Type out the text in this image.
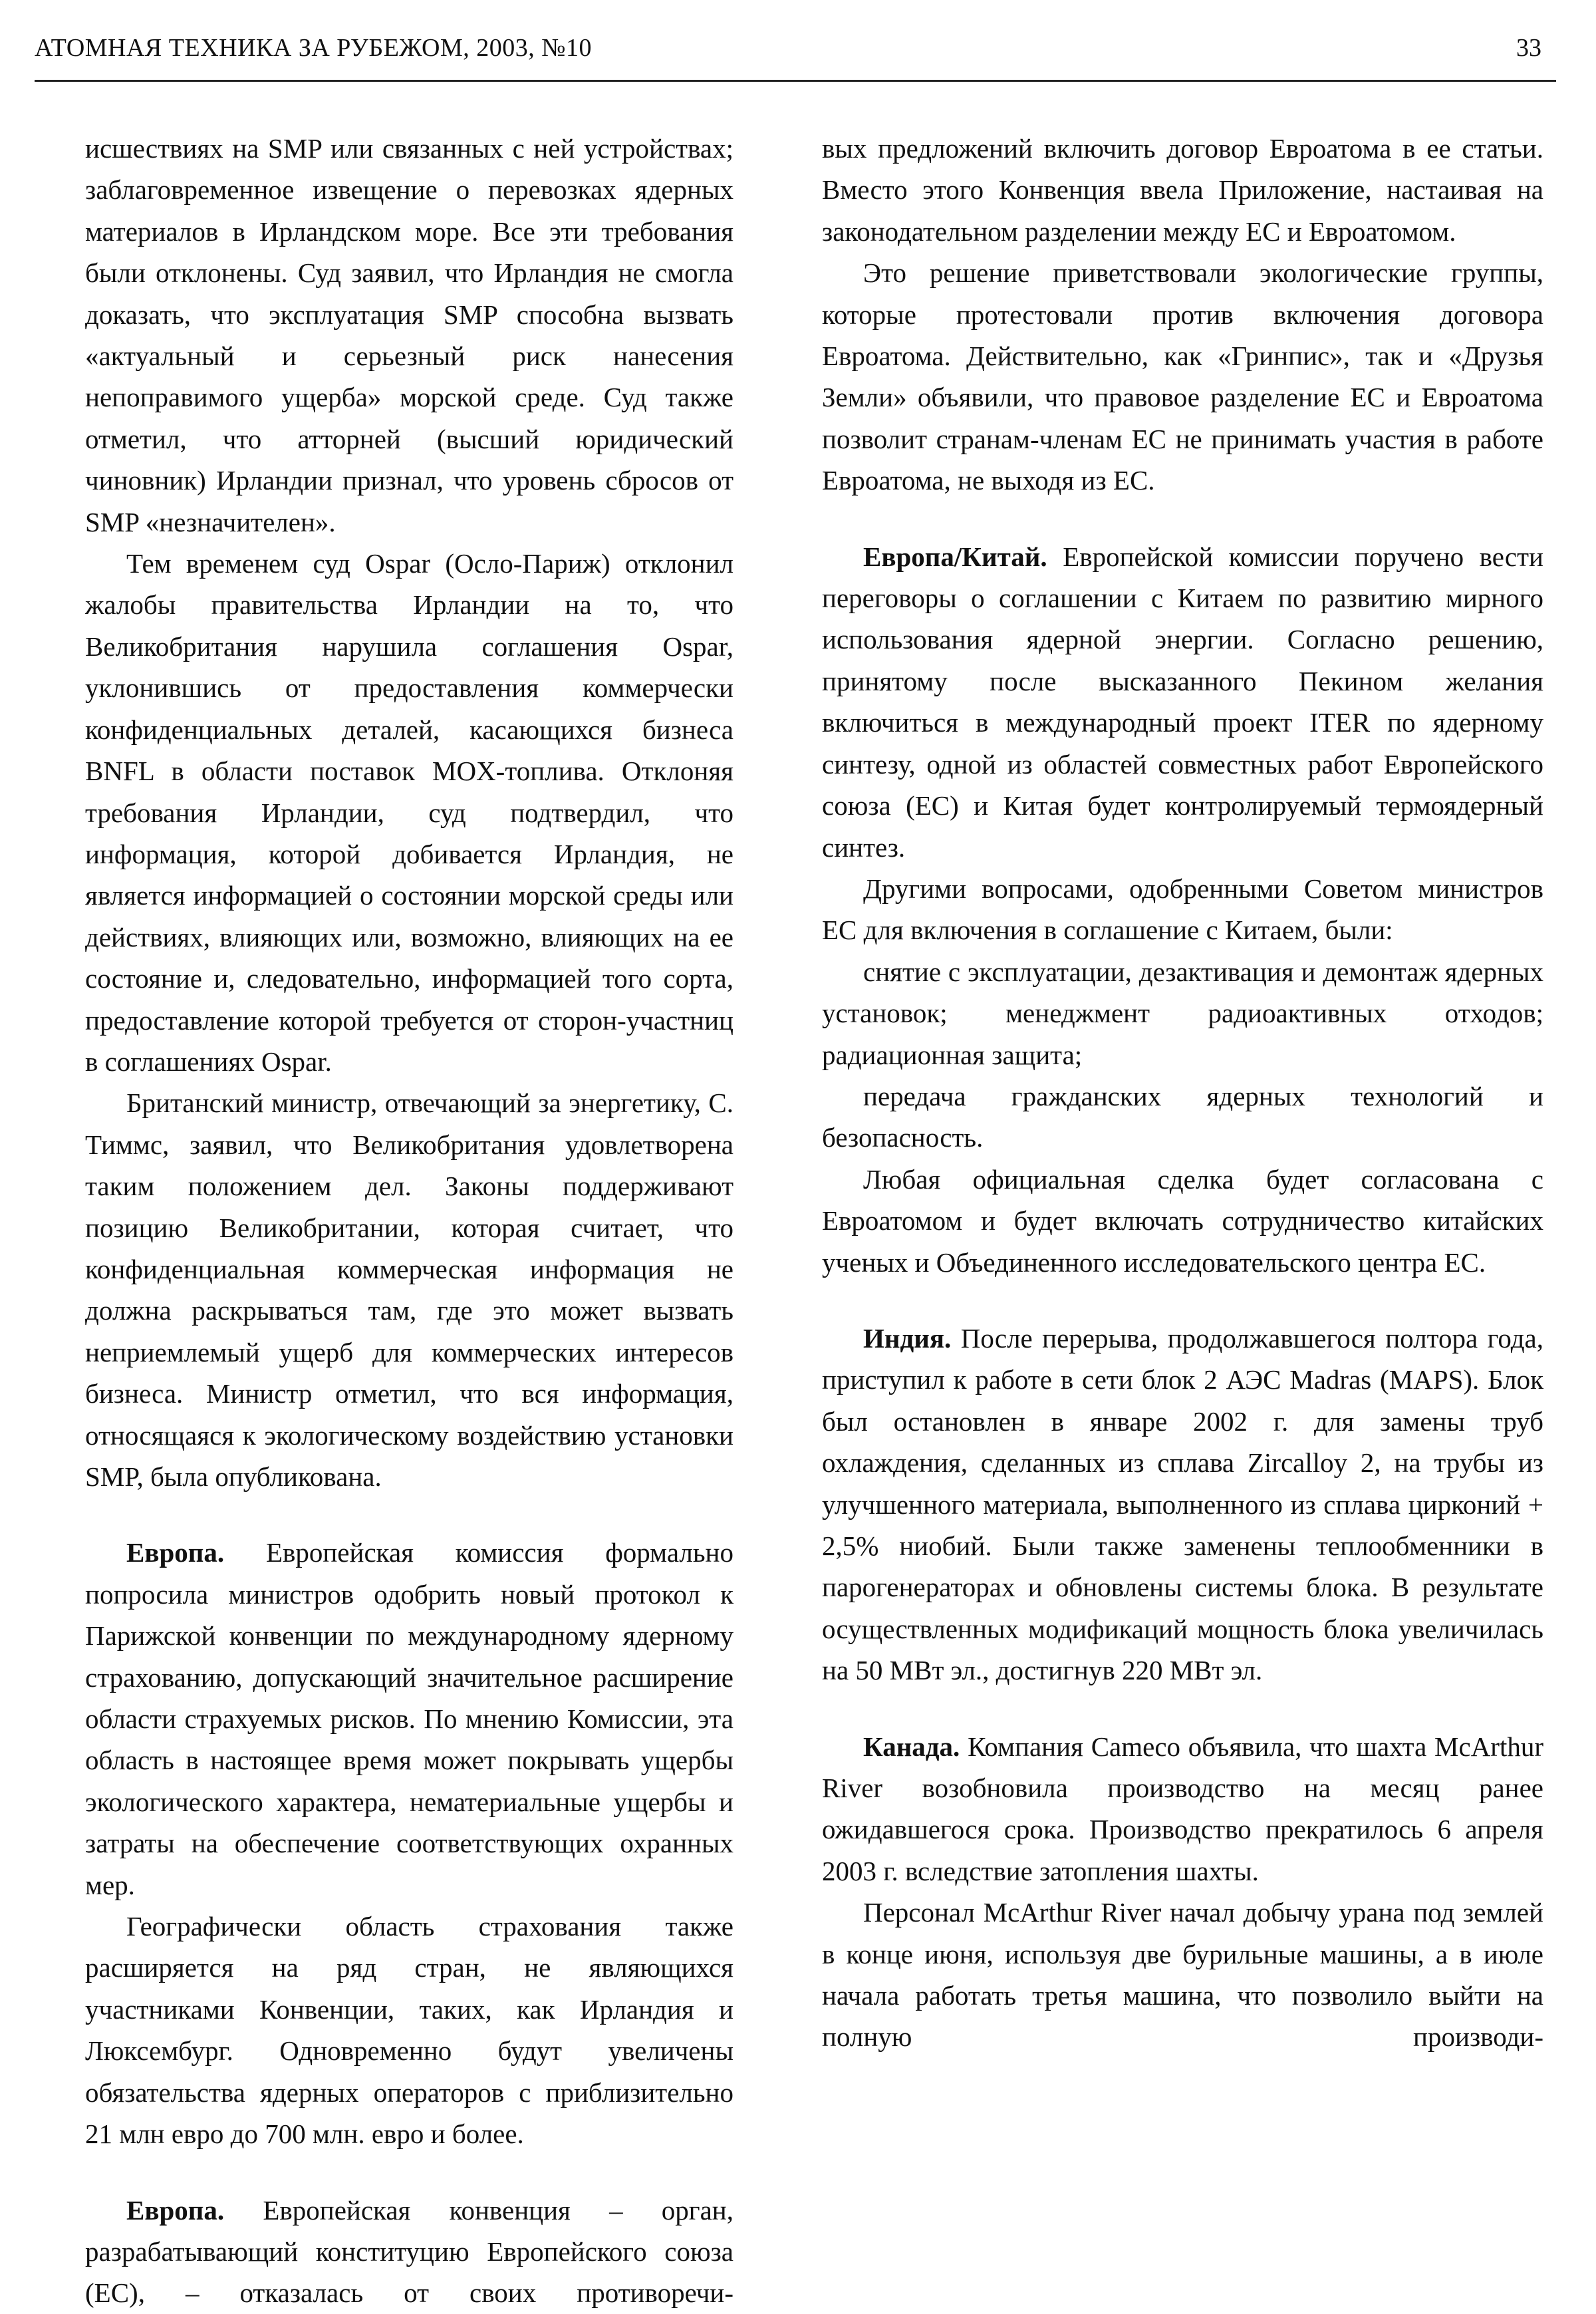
АТОМНАЯ ТЕХНИКА ЗА РУБЕЖОМ, 2003, №10	33

исшествиях на SMP или связанных с ней устройствах; заблаговременное извещение о перевозках ядерных материалов в Ирландском море. Все эти требования были отклонены. Суд заявил, что Ирландия не смогла доказать, что эксплуатация SMP способна вызвать «актуальный и серьезный риск нанесения непоправимого ущерба» морской среде. Суд также отметил, что атторней (высший юридический чиновник) Ирландии признал, что уровень сбросов от SMP «незначителен».

Тем временем суд Ospar (Осло-Париж) отклонил жалобы правительства Ирландии на то, что Великобритания нарушила соглашения Ospar, уклонившись от предоставления коммерчески конфиденциальных деталей, касающихся бизнеса BNFL в области поставок MOX-топлива. Отклоняя требования Ирландии, суд подтвердил, что информация, которой добивается Ирландия, не является информацией о состоянии морской среды или действиях, влияющих или, возможно, влияющих на ее состояние и, следовательно, информацией того сорта, предоставление которой требуется от сторон-участниц в соглашениях Ospar.

Британский министр, отвечающий за энергетику, С. Тиммс, заявил, что Великобритания удовлетворена таким положением дел. Законы поддерживают позицию Великобритании, которая считает, что конфиденциальная коммерческая информация не должна раскрываться там, где это может вызвать неприемлемый ущерб для коммерческих интересов бизнеса. Министр отметил, что вся информация, относящаяся к экологическому воздействию установки SMP, была опубликована.

Европа. Европейская комиссия формально попросила министров одобрить новый протокол к Парижской конвенции по международному ядерному страхованию, допускающий значительное расширение области страхуемых рисков. По мнению Комиссии, эта область в настоящее время может покрывать ущербы экологического характера, нематериальные ущербы и затраты на обеспечение соответствующих охранных мер.

Географически область страхования также расширяется на ряд стран, не являющихся участниками Конвенции, таких, как Ирландия и Люксембург. Одновременно будут увеличены обязательства ядерных операторов с приблизительно 21 млн евро до 700 млн. евро и более.

Европа. Европейская конвенция – орган, разрабатывающий конституцию Европейского союза (ЕС), – отказалась от своих противоречи-

вых предложений включить договор Евроатома в ее статьи. Вместо этого Конвенция ввела Приложение, настаивая на законодательном разделении между ЕС и Евроатомом.

Это решение приветствовали экологические группы, которые протестовали против включения договора Евроатома. Действительно, как «Гринпис», так и «Друзья Земли» объявили, что правовое разделение ЕС и Евроатома позволит странам-членам ЕС не принимать участия в работе Евроатома, не выходя из ЕС.

Европа/Китай. Европейской комиссии поручено вести переговоры о соглашении с Китаем по развитию мирного использования ядерной энергии. Согласно решению, принятому после высказанного Пекином желания включиться в международный проект ITER по ядерному синтезу, одной из областей совместных работ Европейского союза (ЕС) и Китая будет контролируемый термоядерный синтез.

Другими вопросами, одобренными Советом министров ЕС для включения в соглашение с Китаем, были:

снятие с эксплуатации, дезактивация и демонтаж ядерных установок; менеджмент радиоактивных отходов; радиационная защита;

передача гражданских ядерных технологий и безопасность.

Любая официальная сделка будет согласована с Евроатомом и будет включать сотрудничество китайских ученых и Объединенного исследовательского центра ЕС.

Индия. После перерыва, продолжавшегося полтора года, приступил к работе в сети блок 2 АЭС Madras (MAPS). Блок был остановлен в январе 2002 г. для замены труб охлаждения, сделанных из сплава Zircalloy 2, на трубы из улучшенного материала, выполненного из сплава цирконий + 2,5% ниобий. Были также заменены теплообменники в парогенераторах и обновлены системы блока. В результате осуществленных модификаций мощность блока увеличилась на 50 МВт эл., достигнув 220 МВт эл.

Канада. Компания Cameco объявила, что шахта McArthur River возобновила производство на месяц ранее ожидавшегося срока. Производство прекратилось 6 апреля 2003 г. вследствие затопления шахты.

Персонал McArthur River начал добычу урана под землей в конце июня, используя две бурильные машины, а в июле начала работать третья машина, что позволило выйти на полную производи-
